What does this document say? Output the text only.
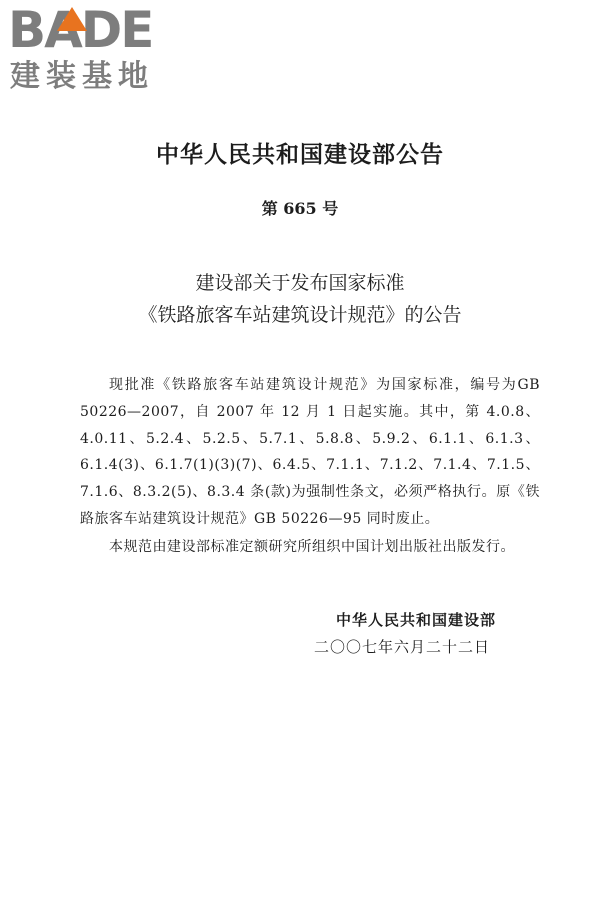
BADE
建装基地
中华人民共和国建设部公告
第 665 号
建设部关于发布国家标准
《铁路旅客车站建筑设计规范》的公告
现批准《铁路旅客车站建筑设计规范》为国家标准，编号为GB 50226—2007，自 2007 年 12 月 1 日起实施。其中，第 4.0.8、4.0.11、5.2.4、5.2.5、5.7.1、5.8.8、5.9.2、6.1.1、6.1.3、6.1.4(3)、6.1.7(1)(3)(7)、6.4.5、7.1.1、7.1.2、7.1.4、7.1.5、7.1.6、8.3.2(5)、8.3.4 条(款)为强制性条文，必须严格执行。原《铁路旅客车站建筑设计规范》GB 50226—95 同时废止。
本规范由建设部标准定额研究所组织中国计划出版社出版发行。
中华人民共和国建设部
二〇〇七年六月二十二日
